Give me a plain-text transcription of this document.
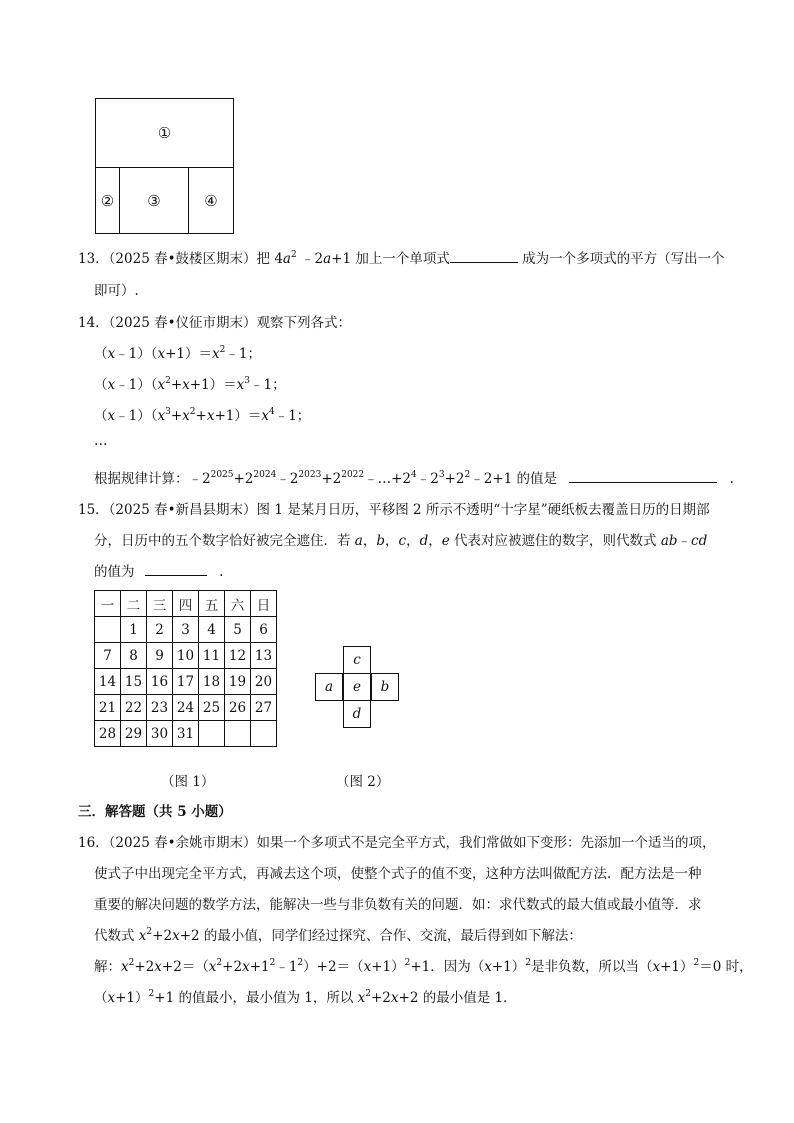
①
②	③	④
13．（2025 春•鼓楼区期末）把 $4a^2$ ﹣2a+1 加上一个单项式	成为一个多项式的平方（写出一个
即可）.
14．（2025 春•仪征市期末）观察下列各式：
$(x﹣1)(x+1)=x^2﹣1$；
$(x﹣1)(x^2+x+1)=x^3﹣1$；
$(x﹣1)(x^3+x^2+x+1)=x^4﹣1$；
…
根据规律计算：$﹣2^{2025}+2^{2024}﹣2^{2023}+2^{2022}﹣\dots+2^4﹣2^3+2^2﹣2+1$ 的值是	.
15．（2025 春•新昌县期末）图 1 是某月日历，平移图 2 所示不透明“十字星”硬纸板去覆盖日历的日期部
分，日历中的五个数字恰好被完全遮住．若 a，b，c，d，e 代表对应被遮住的数字，则代数式 ab﹣cd
的值为	.
一	二	三	四	五	六	日
	1	2	3	4	5	6
7	8	9	10	11	12	13
14	15	16	17	18	19	20
21	22	23	24	25	26	27
28	29	30	31			
c
a	e	b
d
（图 1）	（图 2）
三．解答题（共 5 小题）
16．（2025 春•余姚市期末）如果一个多项式不是完全平方式，我们常做如下变形：先添加一个适当的项，
使式子中出现完全平方式，再减去这个项，使整个式子的值不变，这种方法叫做配方法．配方法是一种
重要的解决问题的数学方法，能解决一些与非负数有关的问题．如：求代数式的最大值或最小值等．求
代数式 $x^2+2x+2$ 的最小值，同学们经过探究、合作、交流，最后得到如下解法：
解：$x^2+2x+2=(x^2+2x+1^2﹣1^2)+2=(x+1)^2+1$．因为$(x+1)^2$是非负数，所以当$(x+1)^2=0$ 时，
$(x+1)^2+1$ 的值最小，最小值为 1，所以 $x^2+2x+2$ 的最小值是 1．
